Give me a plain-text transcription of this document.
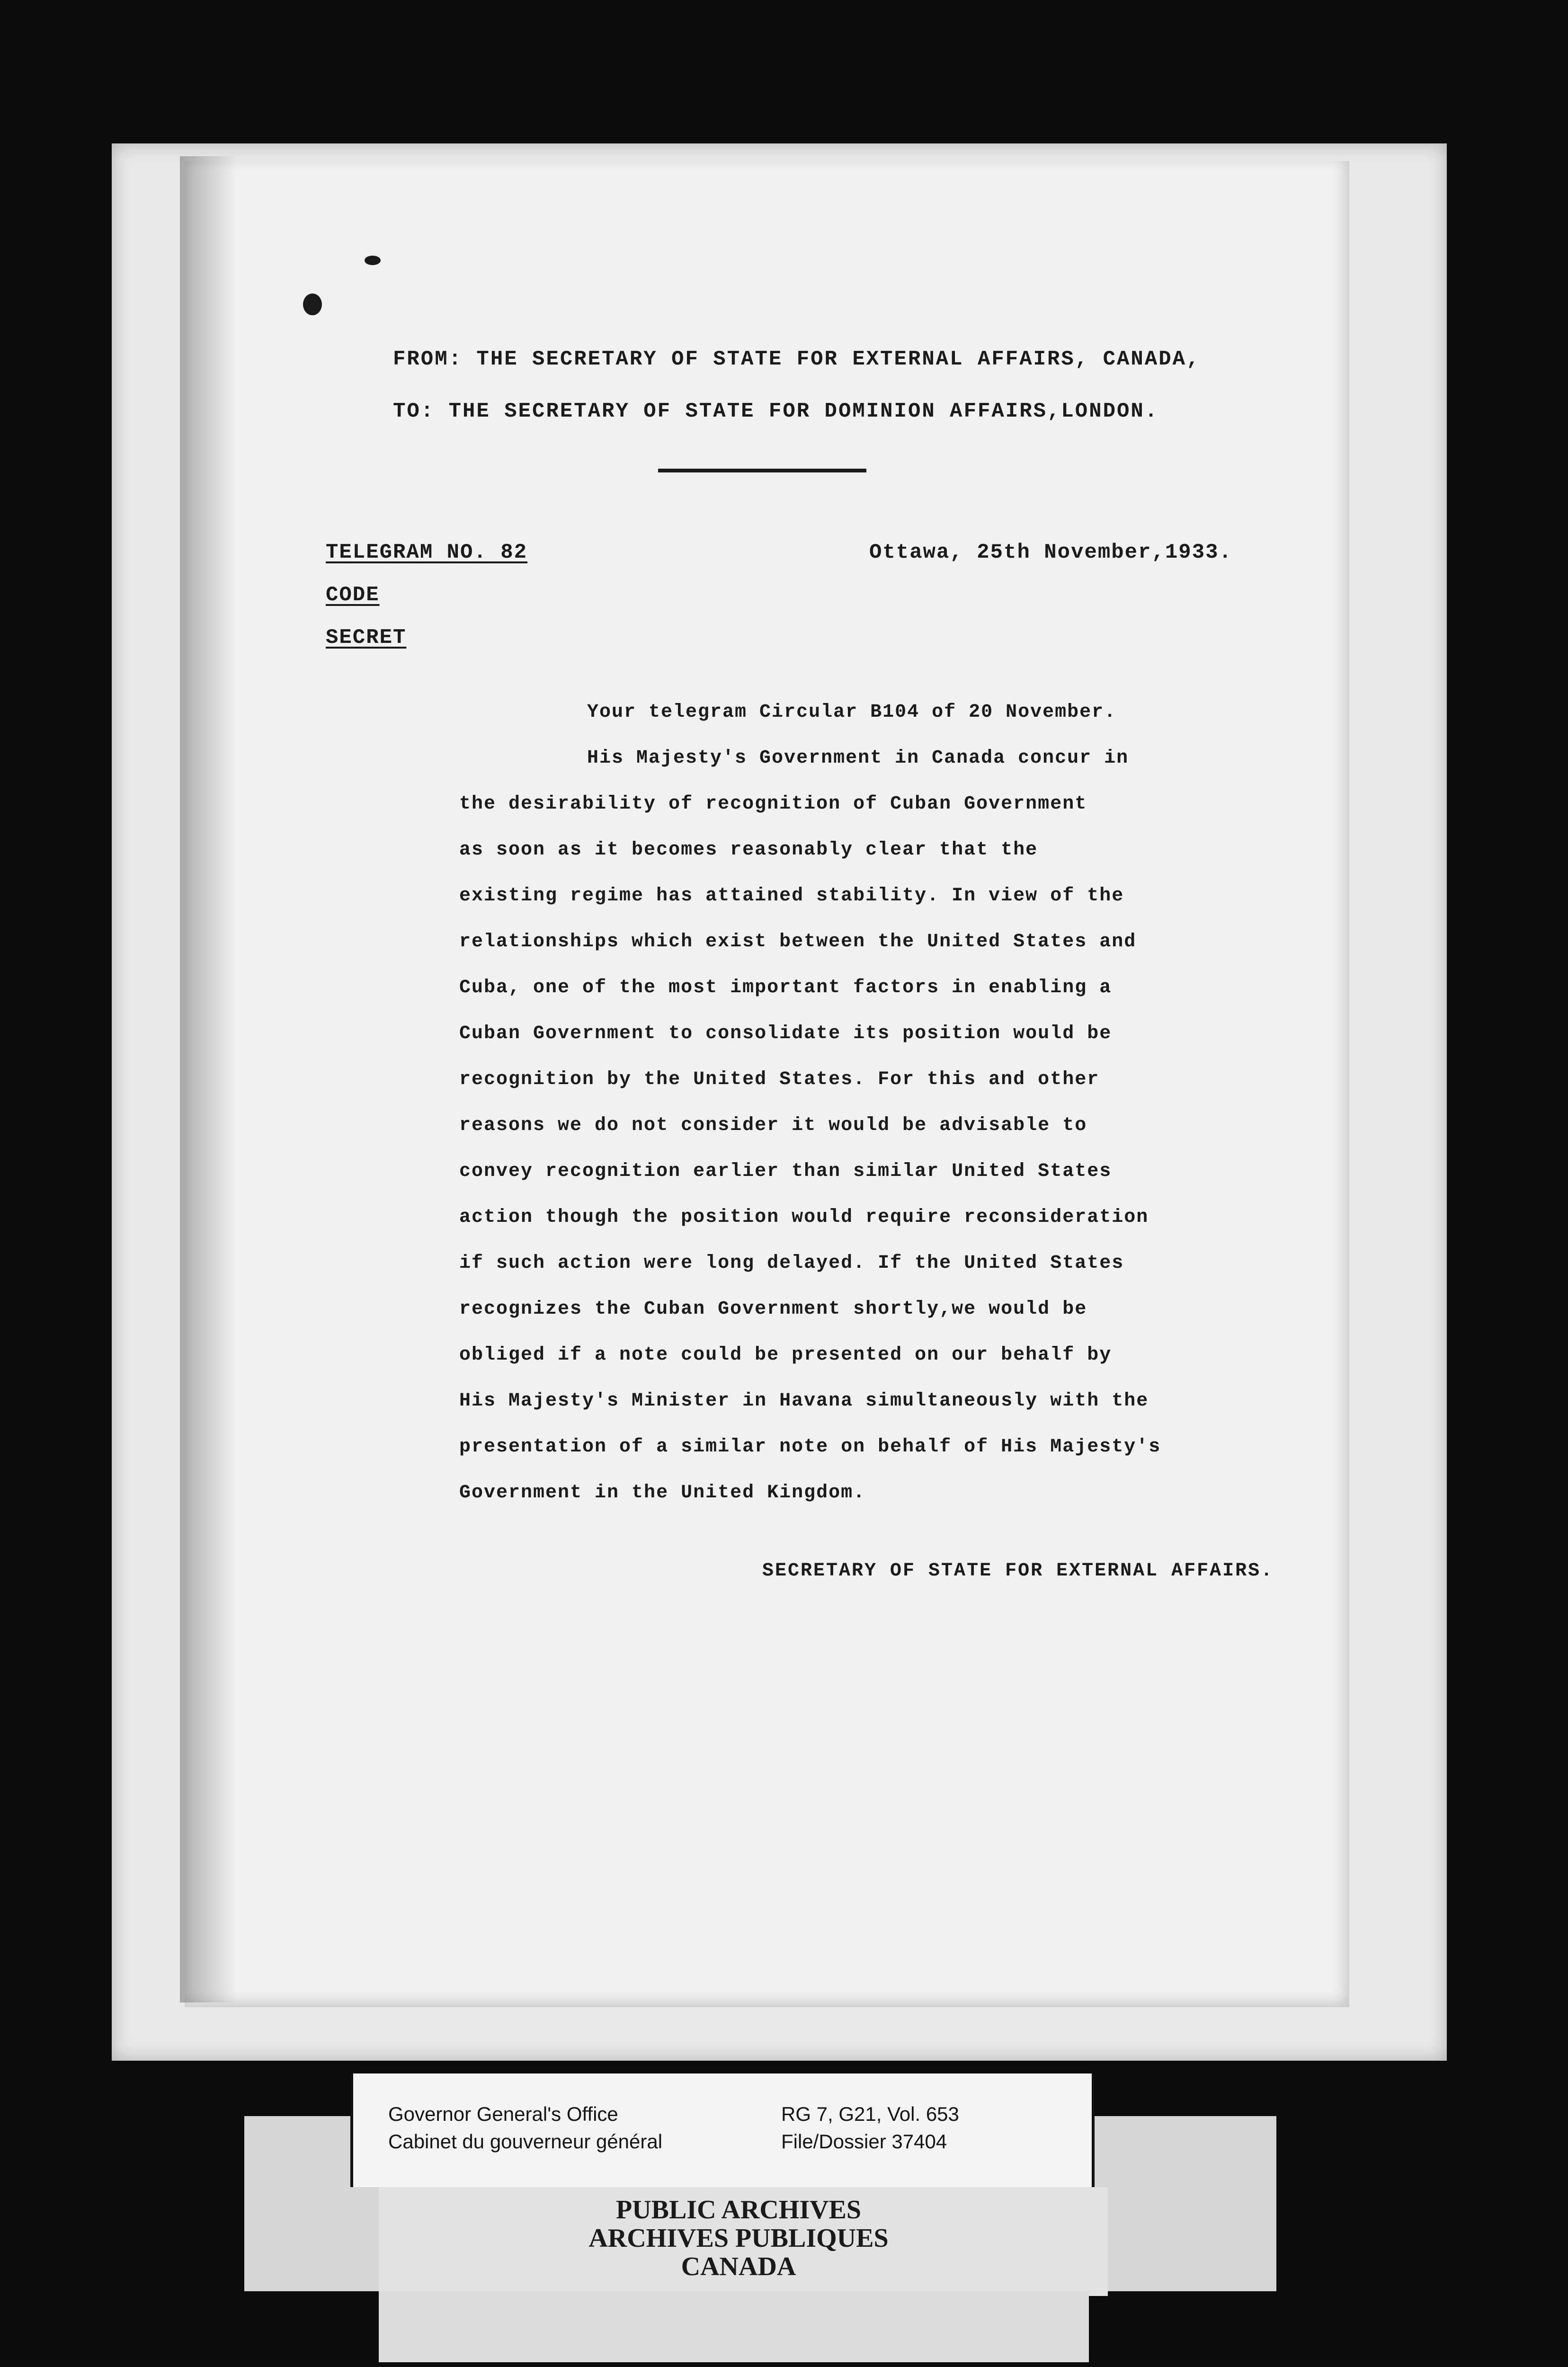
FROM: THE SECRETARY OF STATE FOR EXTERNAL AFFAIRS, CANADA,
TO: THE SECRETARY OF STATE FOR DOMINION AFFAIRS,LONDON.
TELEGRAM NO. 82	Ottawa, 25th November,1933.
CODE
SECRET
Your telegram Circular B104 of 20 November.
His Majesty's Government in Canada concur in
the desirability of recognition of Cuban Government
as soon as it becomes reasonably clear that the
existing regime has attained stability. In view of the
relationships which exist between the United States and
Cuba, one of the most important factors in enabling a
Cuban Government to consolidate its position would be
recognition by the United States. For this and other
reasons we do not consider it would be advisable to
convey recognition earlier than similar United States
action though the position would require reconsideration
if such action were long delayed. If the United States
recognizes the Cuban Government shortly,we would be
obliged if a note could be presented on our behalf by
His Majesty's Minister in Havana simultaneously with the
presentation of a similar note on behalf of His Majesty's
Government in the United Kingdom.
SECRETARY OF STATE FOR EXTERNAL AFFAIRS.
Governor General's Office
Cabinet du gouverneur général
RG 7, G21, Vol. 653
File/Dossier 37404
PUBLIC ARCHIVES
ARCHIVES PUBLIQUES
CANADA
